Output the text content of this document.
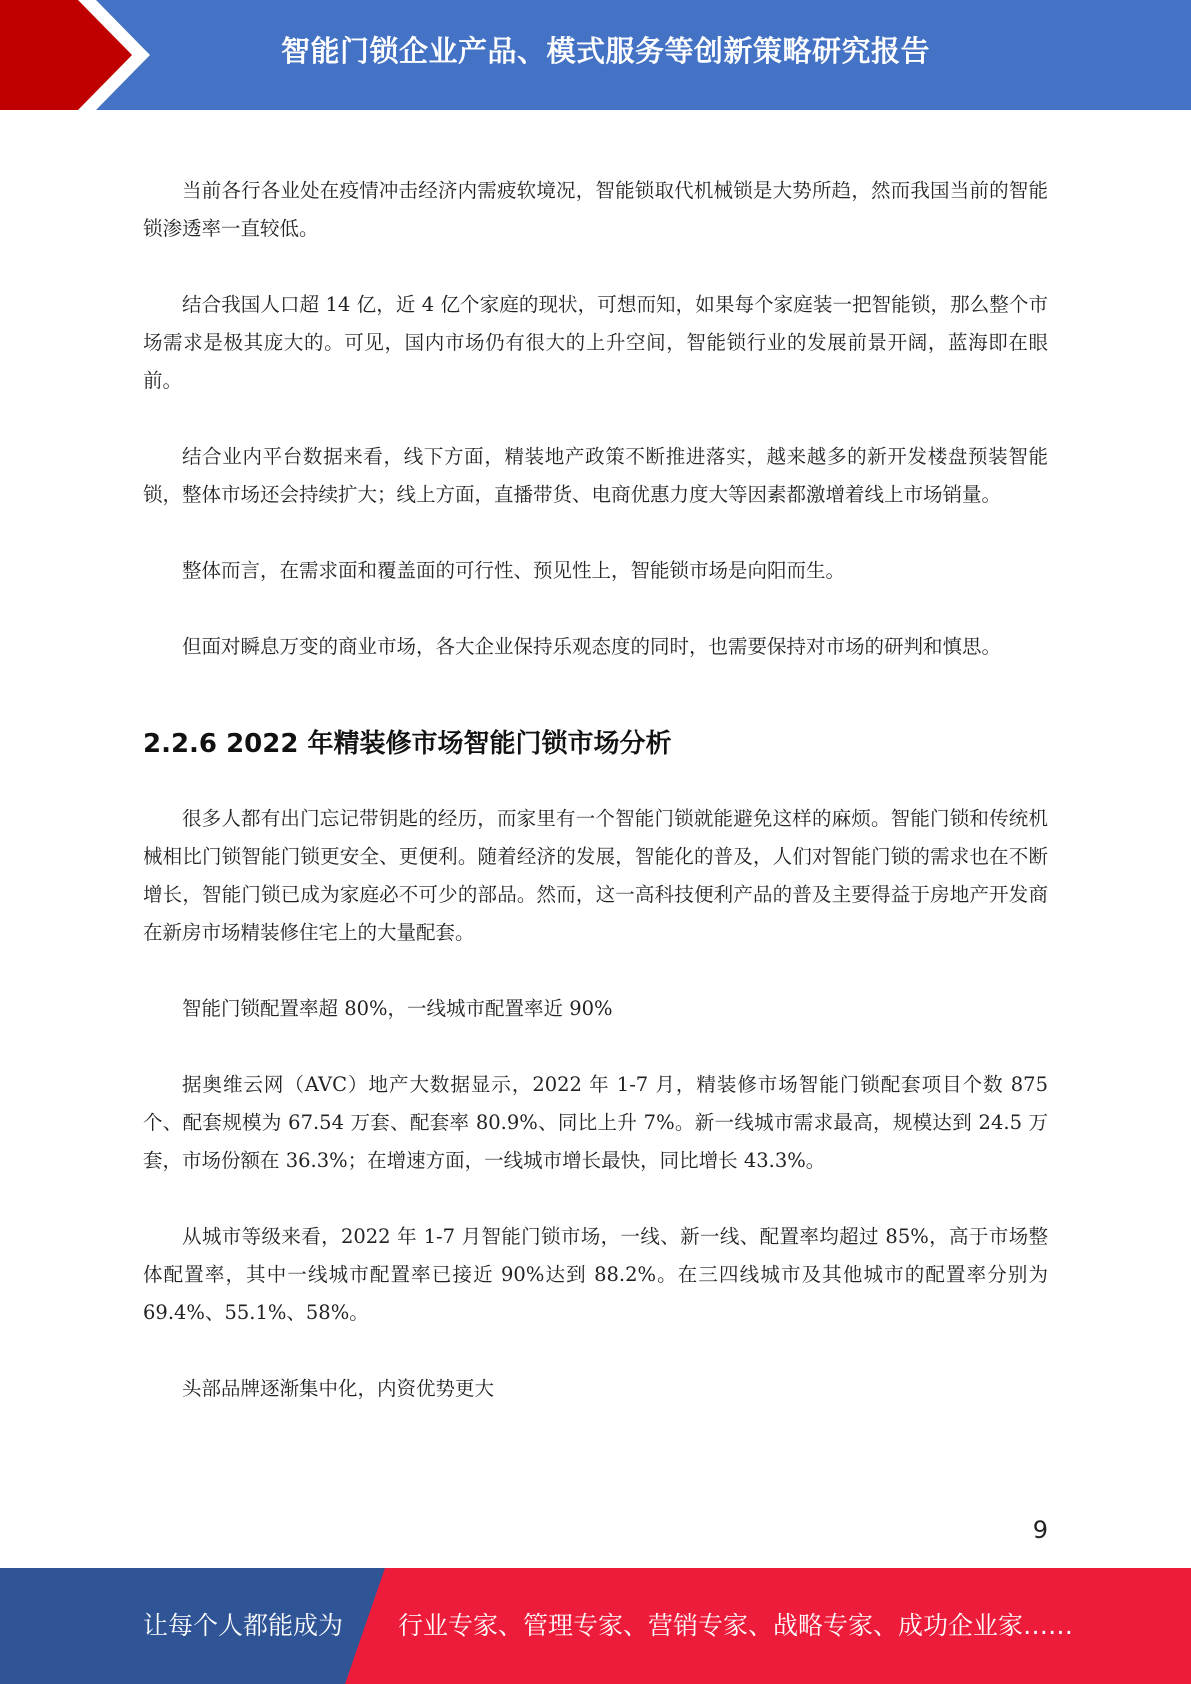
智能门锁企业产品、模式服务等创新策略研究报告

当前各行各业处在疫情冲击经济内需疲软境况，智能锁取代机械锁是大势所趋，然而我国当前的智能锁渗透率一直较低。

结合我国人口超 14 亿，近 4 亿个家庭的现状，可想而知，如果每个家庭装一把智能锁，那么整个市场需求是极其庞大的。可见，国内市场仍有很大的上升空间，智能锁行业的发展前景开阔，蓝海即在眼前。

结合业内平台数据来看，线下方面，精装地产政策不断推进落实，越来越多的新开发楼盘预装智能锁，整体市场还会持续扩大；线上方面，直播带货、电商优惠力度大等因素都激增着线上市场销量。

整体而言，在需求面和覆盖面的可行性、预见性上，智能锁市场是向阳而生。

但面对瞬息万变的商业市场，各大企业保持乐观态度的同时，也需要保持对市场的研判和慎思。

2.2.6 2022 年精装修市场智能门锁市场分析

很多人都有出门忘记带钥匙的经历，而家里有一个智能门锁就能避免这样的麻烦。智能门锁和传统机械相比门锁智能门锁更安全、更便利。随着经济的发展，智能化的普及，人们对智能门锁的需求也在不断增长，智能门锁已成为家庭必不可少的部品。然而，这一高科技便利产品的普及主要得益于房地产开发商在新房市场精装修住宅上的大量配套。

智能门锁配置率超 80%，一线城市配置率近 90%

据奥维云网（AVC）地产大数据显示，2022 年 1-7 月，精装修市场智能门锁配套项目个数 875 个、配套规模为 67.54 万套、配套率 80.9%、同比上升 7%。新一线城市需求最高，规模达到 24.5 万套，市场份额在 36.3%；在增速方面，一线城市增长最快，同比增长 43.3%。

从城市等级来看，2022 年 1-7 月智能门锁市场，一线、新一线、配置率均超过 85%，高于市场整体配置率，其中一线城市配置率已接近 90%达到 88.2%。在三四线城市及其他城市的配置率分别为 69.4%、55.1%、58%。

头部品牌逐渐集中化，内资优势更大

9
让每个人都能成为 行业专家、管理专家、营销专家、战略专家、成功企业家……
